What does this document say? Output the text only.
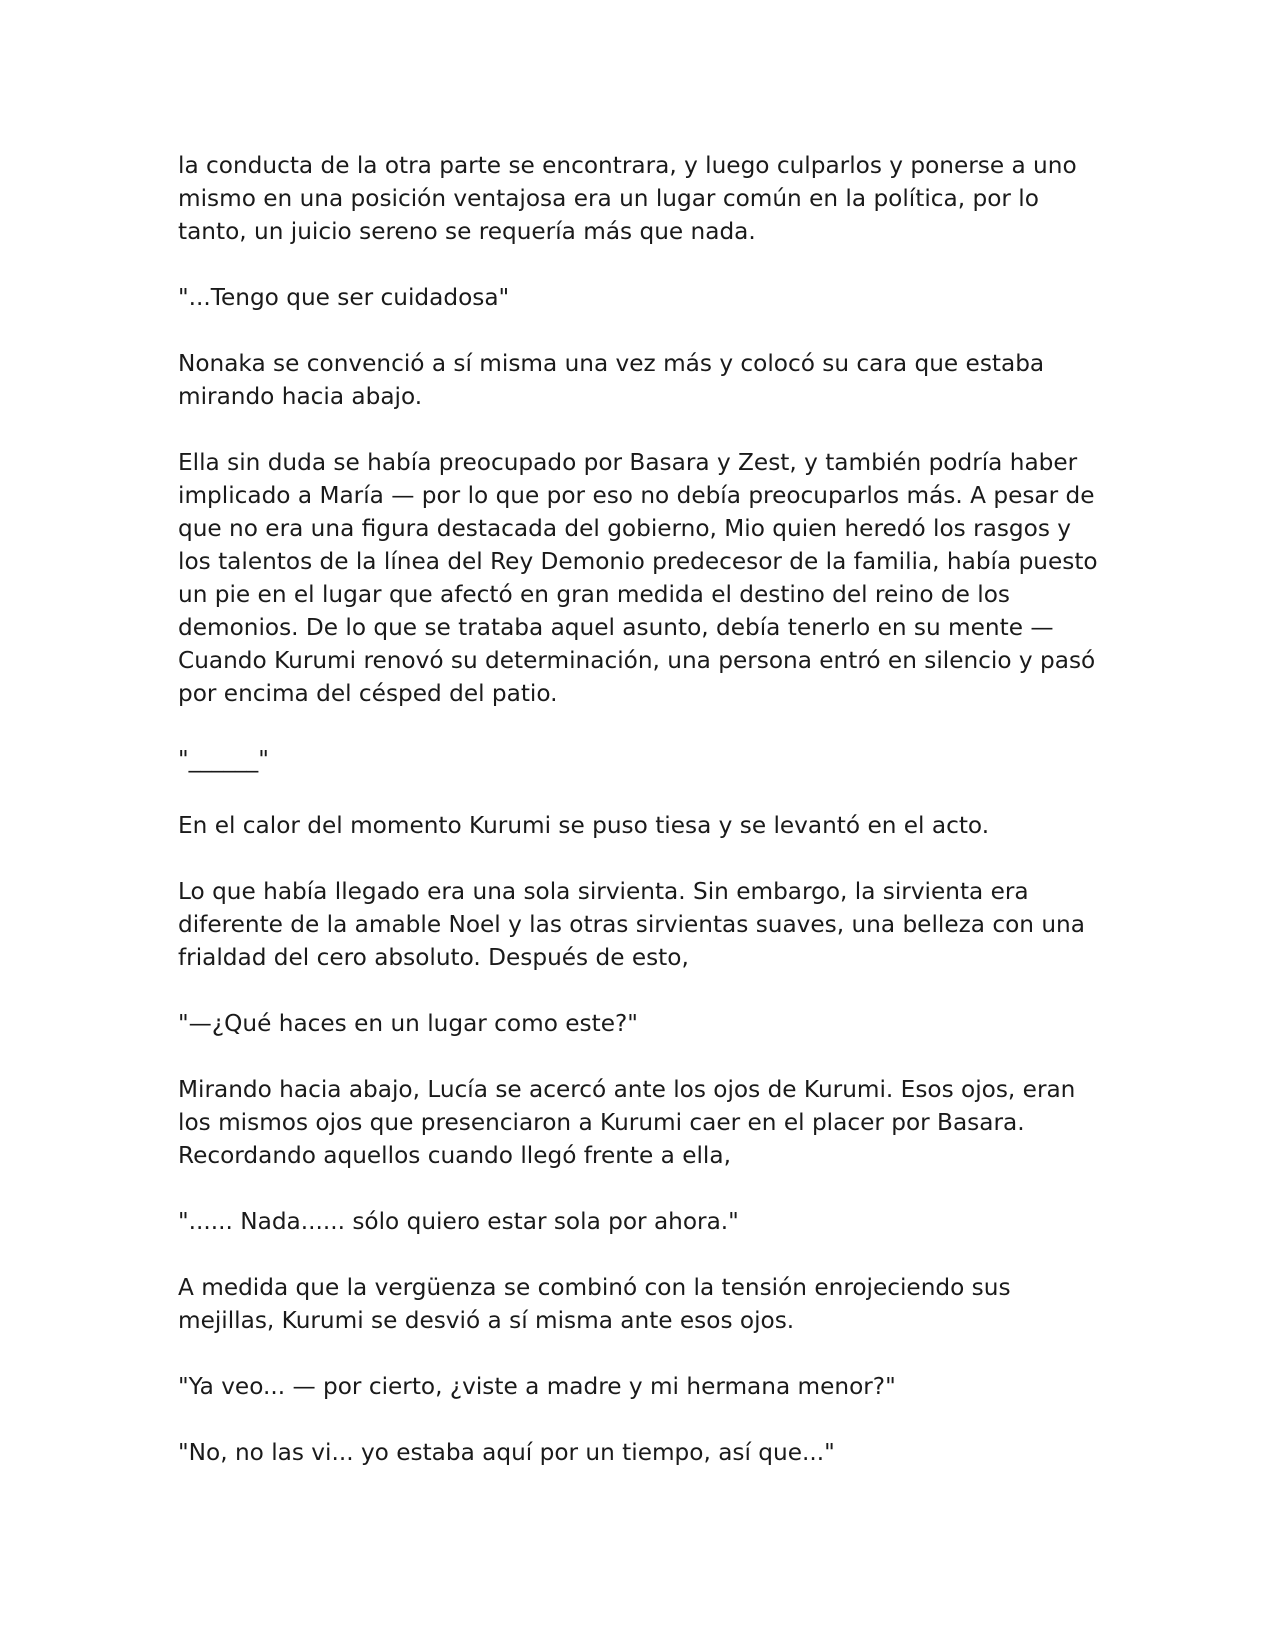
la conducta de la otra parte se encontrara, y luego culparlos y ponerse a uno mismo en una posición ventajosa era un lugar común en la política, por lo tanto, un juicio sereno se requería más que nada.

"...Tengo que ser cuidadosa"

Nonaka se convenció a sí misma una vez más y colocó su cara que estaba mirando hacia abajo.

Ella sin duda se había preocupado por Basara y Zest, y también podría haber implicado a María — por lo que por eso no debía preocuparlos más. A pesar de que no era una figura destacada del gobierno, Mio quien heredó los rasgos y los talentos de la línea del Rey Demonio predecesor de la familia, había puesto un pie en el lugar que afectó en gran medida el destino del reino de los demonios. De lo que se trataba aquel asunto, debía tenerlo en su mente — Cuando Kurumi renovó su determinación, una persona entró en silencio y pasó por encima del césped del patio.

"______"

En el calor del momento Kurumi se puso tiesa y se levantó en el acto.

Lo que había llegado era una sola sirvienta. Sin embargo, la sirvienta era diferente de la amable Noel y las otras sirvientas suaves, una belleza con una frialdad del cero absoluto. Después de esto,

"—¿Qué haces en un lugar como este?"

Mirando hacia abajo, Lucía se acercó ante los ojos de Kurumi. Esos ojos, eran los mismos ojos que presenciaron a Kurumi caer en el placer por Basara. Recordando aquellos cuando llegó frente a ella,

"...... Nada...... sólo quiero estar sola por ahora."

A medida que la vergüenza se combinó con la tensión enrojeciendo sus mejillas, Kurumi se desvió a sí misma ante esos ojos.

"Ya veo... — por cierto, ¿viste a madre y mi hermana menor?"

"No, no las vi... yo estaba aquí por un tiempo, así que..."
